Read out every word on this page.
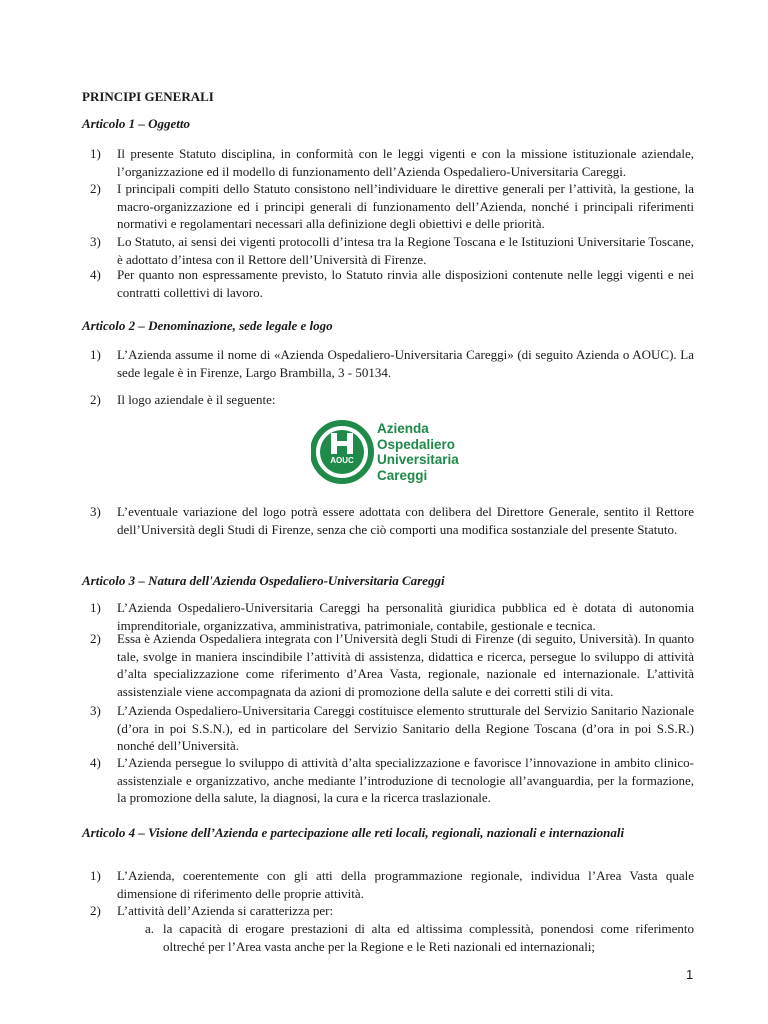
PRINCIPI GENERALI
Articolo 1 – Oggetto
1) Il presente Statuto disciplina, in conformità con le leggi vigenti e con la missione istituzionale aziendale, l’organizzazione ed il modello di funzionamento dell’Azienda Ospedaliero-Universitaria Careggi.
2) I principali compiti dello Statuto consistono nell’individuare le direttive generali per l’attività, la gestione, la macro-organizzazione ed i principi generali di funzionamento dell’Azienda, nonché i principali riferimenti normativi e regolamentari necessari alla definizione degli obiettivi e delle priorità.
3) Lo Statuto, ai sensi dei vigenti protocolli d’intesa tra la Regione Toscana e le Istituzioni Universitarie Toscane, è adottato d’intesa con il Rettore dell’Università di Firenze.
4) Per quanto non espressamente previsto, lo Statuto rinvia alle disposizioni contenute nelle leggi vigenti e nei contratti collettivi di lavoro.
Articolo 2 – Denominazione, sede legale e logo
1) L’Azienda assume il nome di «Azienda Ospedaliero-Universitaria Careggi» (di seguito Azienda o AOUC). La sede legale è in Firenze, Largo Brambilla, 3 - 50134.
2) Il logo aziendale è il seguente:
AOUC
Azienda
Ospedaliero
Universitaria
Careggi
3) L’eventuale variazione del logo potrà essere adottata con delibera del Direttore Generale, sentito il Rettore dell’Università degli Studi di Firenze, senza che ciò comporti una modifica sostanziale del presente Statuto.
Articolo 3 – Natura dell'Azienda Ospedaliero-Universitaria Careggi
1) L’Azienda Ospedaliero-Universitaria Careggi ha personalità giuridica pubblica ed è dotata di autonomia imprenditoriale, organizzativa, amministrativa, patrimoniale, contabile, gestionale e tecnica.
2) Essa è Azienda Ospedaliera integrata con l’Università degli Studi di Firenze (di seguito, Università). In quanto tale, svolge in maniera inscindibile l’attività di assistenza, didattica e ricerca, persegue lo sviluppo di attività d’alta specializzazione come riferimento d’Area Vasta, regionale, nazionale ed internazionale. L’attività assistenziale viene accompagnata da azioni di promozione della salute e dei corretti stili di vita.
3) L’Azienda Ospedaliero-Universitaria Careggi costituisce elemento strutturale del Servizio Sanitario Nazionale (d’ora in poi S.S.N.), ed in particolare del Servizio Sanitario della Regione Toscana (d’ora in poi S.S.R.) nonché dell’Università.
4) L’Azienda persegue lo sviluppo di attività d’alta specializzazione e favorisce l’innovazione in ambito clinico-assistenziale e organizzativo, anche mediante l’introduzione di tecnologie all’avanguardia, per la formazione, la promozione della salute, la diagnosi, la cura e la ricerca traslazionale.
Articolo 4 – Visione dell’Azienda e partecipazione alle reti locali, regionali, nazionali e internazionali
1) L’Azienda, coerentemente con gli atti della programmazione regionale, individua l’Area Vasta quale dimensione di riferimento delle proprie attività.
2) L’attività dell’Azienda si caratterizza per:
a. la capacità di erogare prestazioni di alta ed altissima complessità, ponendosi come riferimento oltreché per l’Area vasta anche per la Regione e le Reti nazionali ed internazionali;
1
